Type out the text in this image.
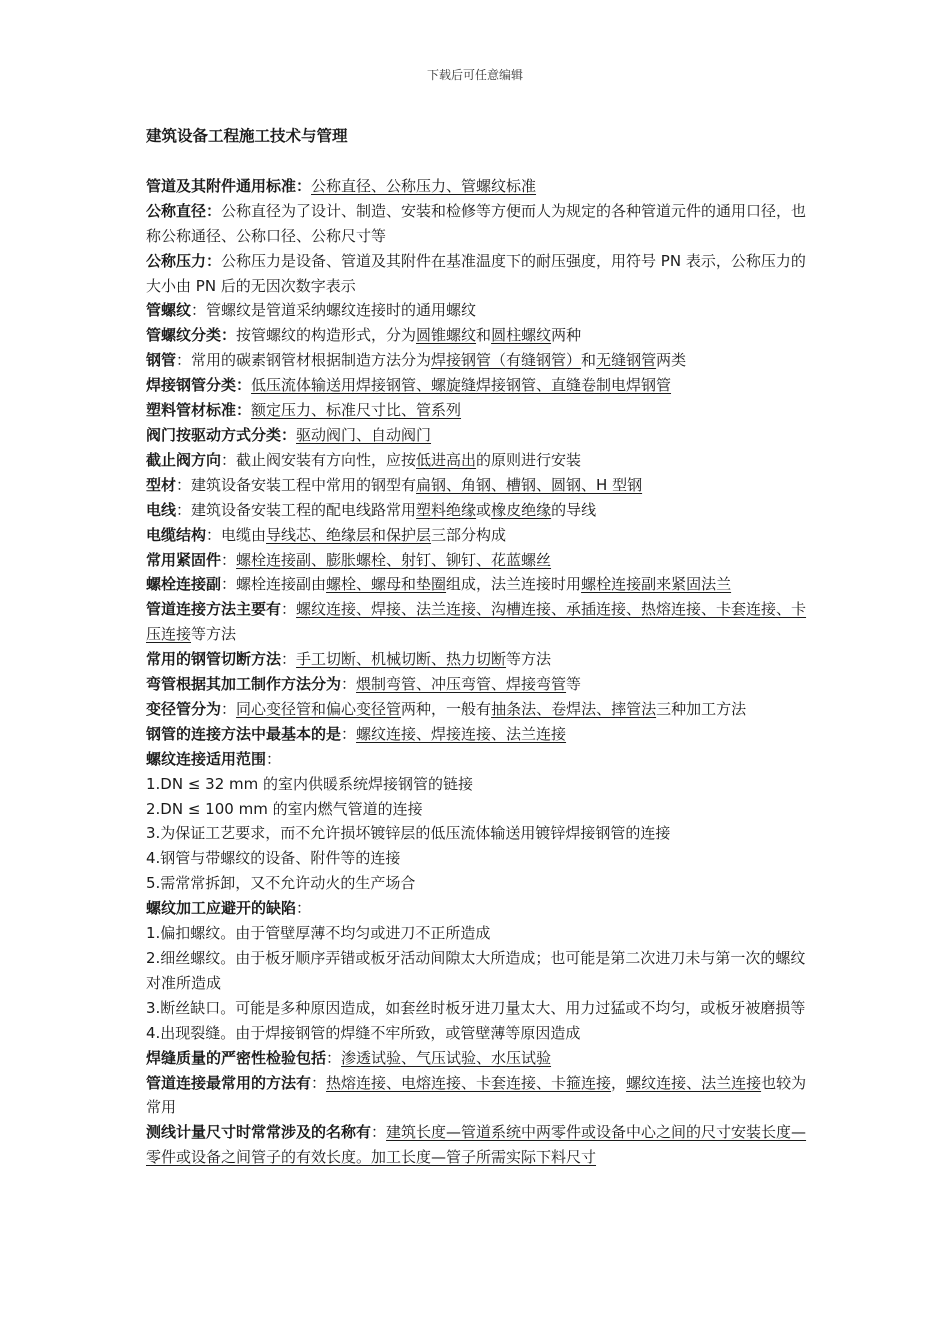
下载后可任意编辑
建筑设备工程施工技术与管理

管道及其附件通用标准：公称直径、公称压力、管螺纹标准

公称直径：公称直径为了设计、制造、安装和检修等方便而人为规定的各种管道元件的通用口径，也称公称通径、公称口径、公称尺寸等

公称压力：公称压力是设备、管道及其附件在基准温度下的耐压强度，用符号 PN 表示，公称压力的大小由 PN 后的无因次数字表示

管螺纹：管螺纹是管道采纳螺纹连接时的通用螺纹

管螺纹分类：按管螺纹的构造形式，分为圆锥螺纹和圆柱螺纹两种

钢管：常用的碳素钢管材根据制造方法分为焊接钢管（有缝钢管）和无缝钢管两类

焊接钢管分类：低压流体输送用焊接钢管、螺旋缝焊接钢管、直缝卷制电焊钢管

塑料管材标准：额定压力、标准尺寸比、管系列

阀门按驱动方式分类：驱动阀门、自动阀门

截止阀方向：截止阀安装有方向性，应按低进高出的原则进行安装

型材：建筑设备安装工程中常用的钢型有扁钢、角钢、槽钢、圆钢、H 型钢

电线：建筑设备安装工程的配电线路常用塑料绝缘或橡皮绝缘的导线

电缆结构：电缆由导线芯、绝缘层和保护层三部分构成

常用紧固件：螺栓连接副、膨胀螺栓、射钉、铆钉、花蓝螺丝

螺栓连接副：螺栓连接副由螺栓、螺母和垫圈组成，法兰连接时用螺栓连接副来紧固法兰

管道连接方法主要有：螺纹连接、焊接、法兰连接、沟槽连接、承插连接、热熔连接、卡套连接、卡压连接等方法

常用的钢管切断方法：手工切断、机械切断、热力切断等方法

弯管根据其加工制作方法分为：煨制弯管、冲压弯管、焊接弯管等

变径管分为：同心变径管和偏心变径管两种，一般有抽条法、卷焊法、摔管法三种加工方法

钢管的连接方法中最基本的是：螺纹连接、焊接连接、法兰连接

螺纹连接适用范围：

1.DN ≤ 32 mm 的室内供暖系统焊接钢管的链接

2.DN ≤ 100 mm 的室内燃气管道的连接

3.为保证工艺要求，而不允许损坏镀锌层的低压流体输送用镀锌焊接钢管的连接

4.钢管与带螺纹的设备、附件等的连接

5.需常常拆卸，又不允许动火的生产场合

螺纹加工应避开的缺陷：

1.偏扣螺纹。由于管壁厚薄不均匀或进刀不正所造成

2.细丝螺纹。由于板牙顺序弄错或板牙活动间隙太大所造成；也可能是第二次进刀未与第一次的螺纹对准所造成

3.断丝缺口。可能是多种原因造成，如套丝时板牙进刀量太大、用力过猛或不均匀，或板牙被磨损等

4.出现裂缝。由于焊接钢管的焊缝不牢所致，或管壁薄等原因造成

焊缝质量的严密性检验包括：渗透试验、气压试验、水压试验

管道连接最常用的方法有：热熔连接、电熔连接、卡套连接、卡箍连接，螺纹连接、法兰连接也较为常用

测线计量尺寸时常常涉及的名称有：建筑长度—管道系统中两零件或设备中心之间的尺寸安装长度—零件或设备之间管子的有效长度。加工长度—管子所需实际下料尺寸
